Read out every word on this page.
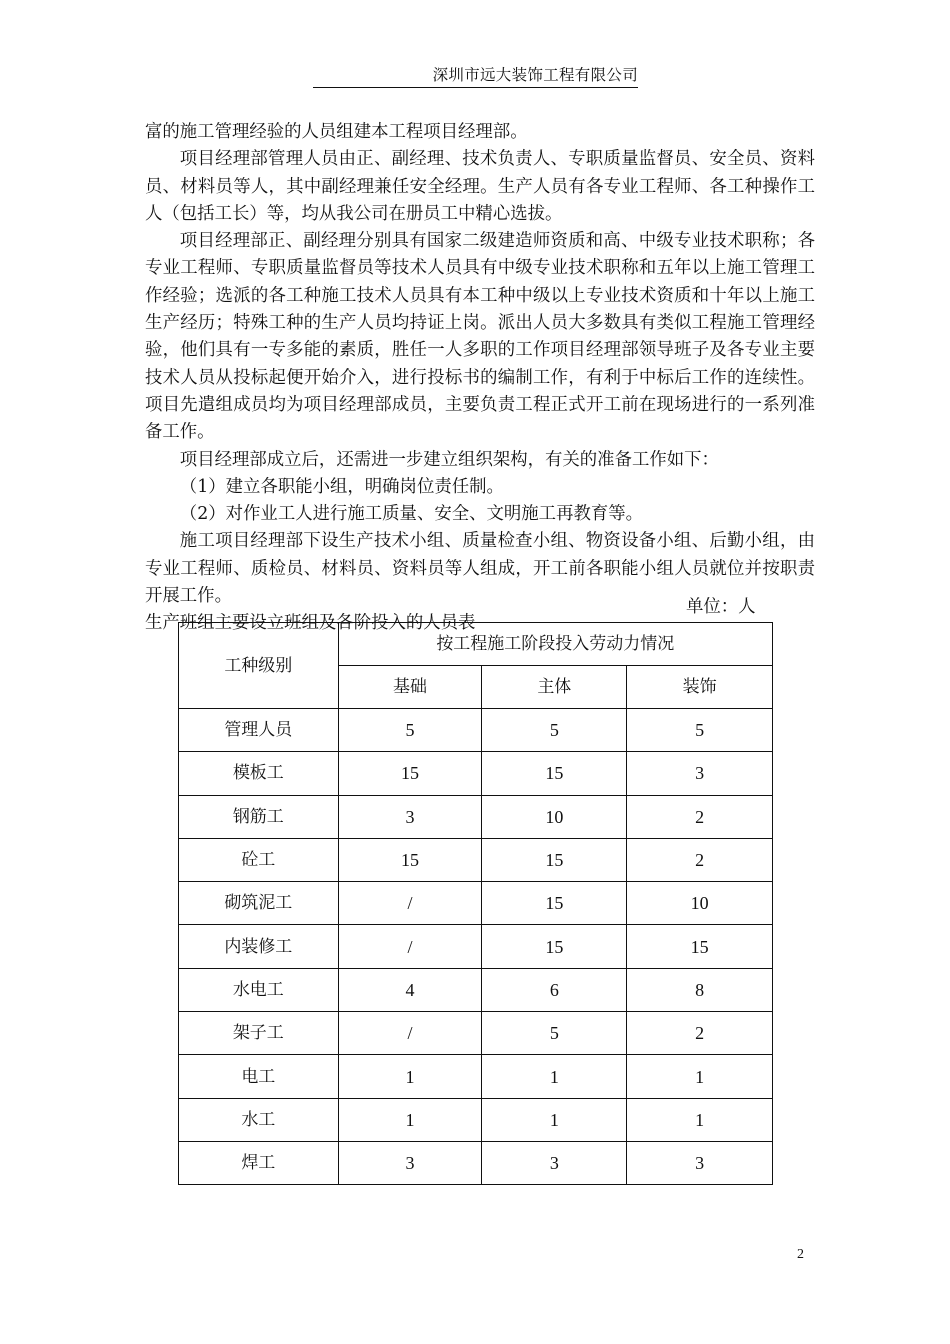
深圳市远大装饰工程有限公司

富的施工管理经验的人员组建本工程项目经理部。

项目经理部管理人员由正、副经理、技术负责人、专职质量监督员、安全员、资料员、材料员等人，其中副经理兼任安全经理。生产人员有各专业工程师、各工种操作工人（包括工长）等，均从我公司在册员工中精心选拔。

项目经理部正、副经理分别具有国家二级建造师资质和高、中级专业技术职称；各专业工程师、专职质量监督员等技术人员具有中级专业技术职称和五年以上施工管理工作经验；选派的各工种施工技术人员具有本工种中级以上专业技术资质和十年以上施工生产经历；特殊工种的生产人员均持证上岗。派出人员大多数具有类似工程施工管理经验，他们具有一专多能的素质，胜任一人多职的工作项目经理部领导班子及各专业主要技术人员从投标起便开始介入，进行投标书的编制工作，有利于中标后工作的连续性。项目先遣组成员均为项目经理部成员，主要负责工程正式开工前在现场进行的一系列准备工作。

项目经理部成立后，还需进一步建立组织架构，有关的准备工作如下：

（1）建立各职能小组，明确岗位责任制。

（2）对作业工人进行施工质量、安全、文明施工再教育等。

施工项目经理部下设生产技术小组、质量检查小组、物资设备小组、后勤小组，由专业工程师、质检员、材料员、资料员等人组成，开工前各职能小组人员就位并按职责开展工作。

生产班组主要设立班组及各阶投入的人员表

单位：人
工种级别	按工程施工阶段投入劳动力情况		
	基础	主体	装饰
管理人员	5	5	5
模板工	15	15	3
钢筋工	3	10	2
砼工	15	15	2
砌筑泥工	/	15	10
内装修工	/	15	15
水电工	4	6	8
架子工	/	5	2
电工	1	1	1
水工	1	1	1
焊工	3	3	3
2
